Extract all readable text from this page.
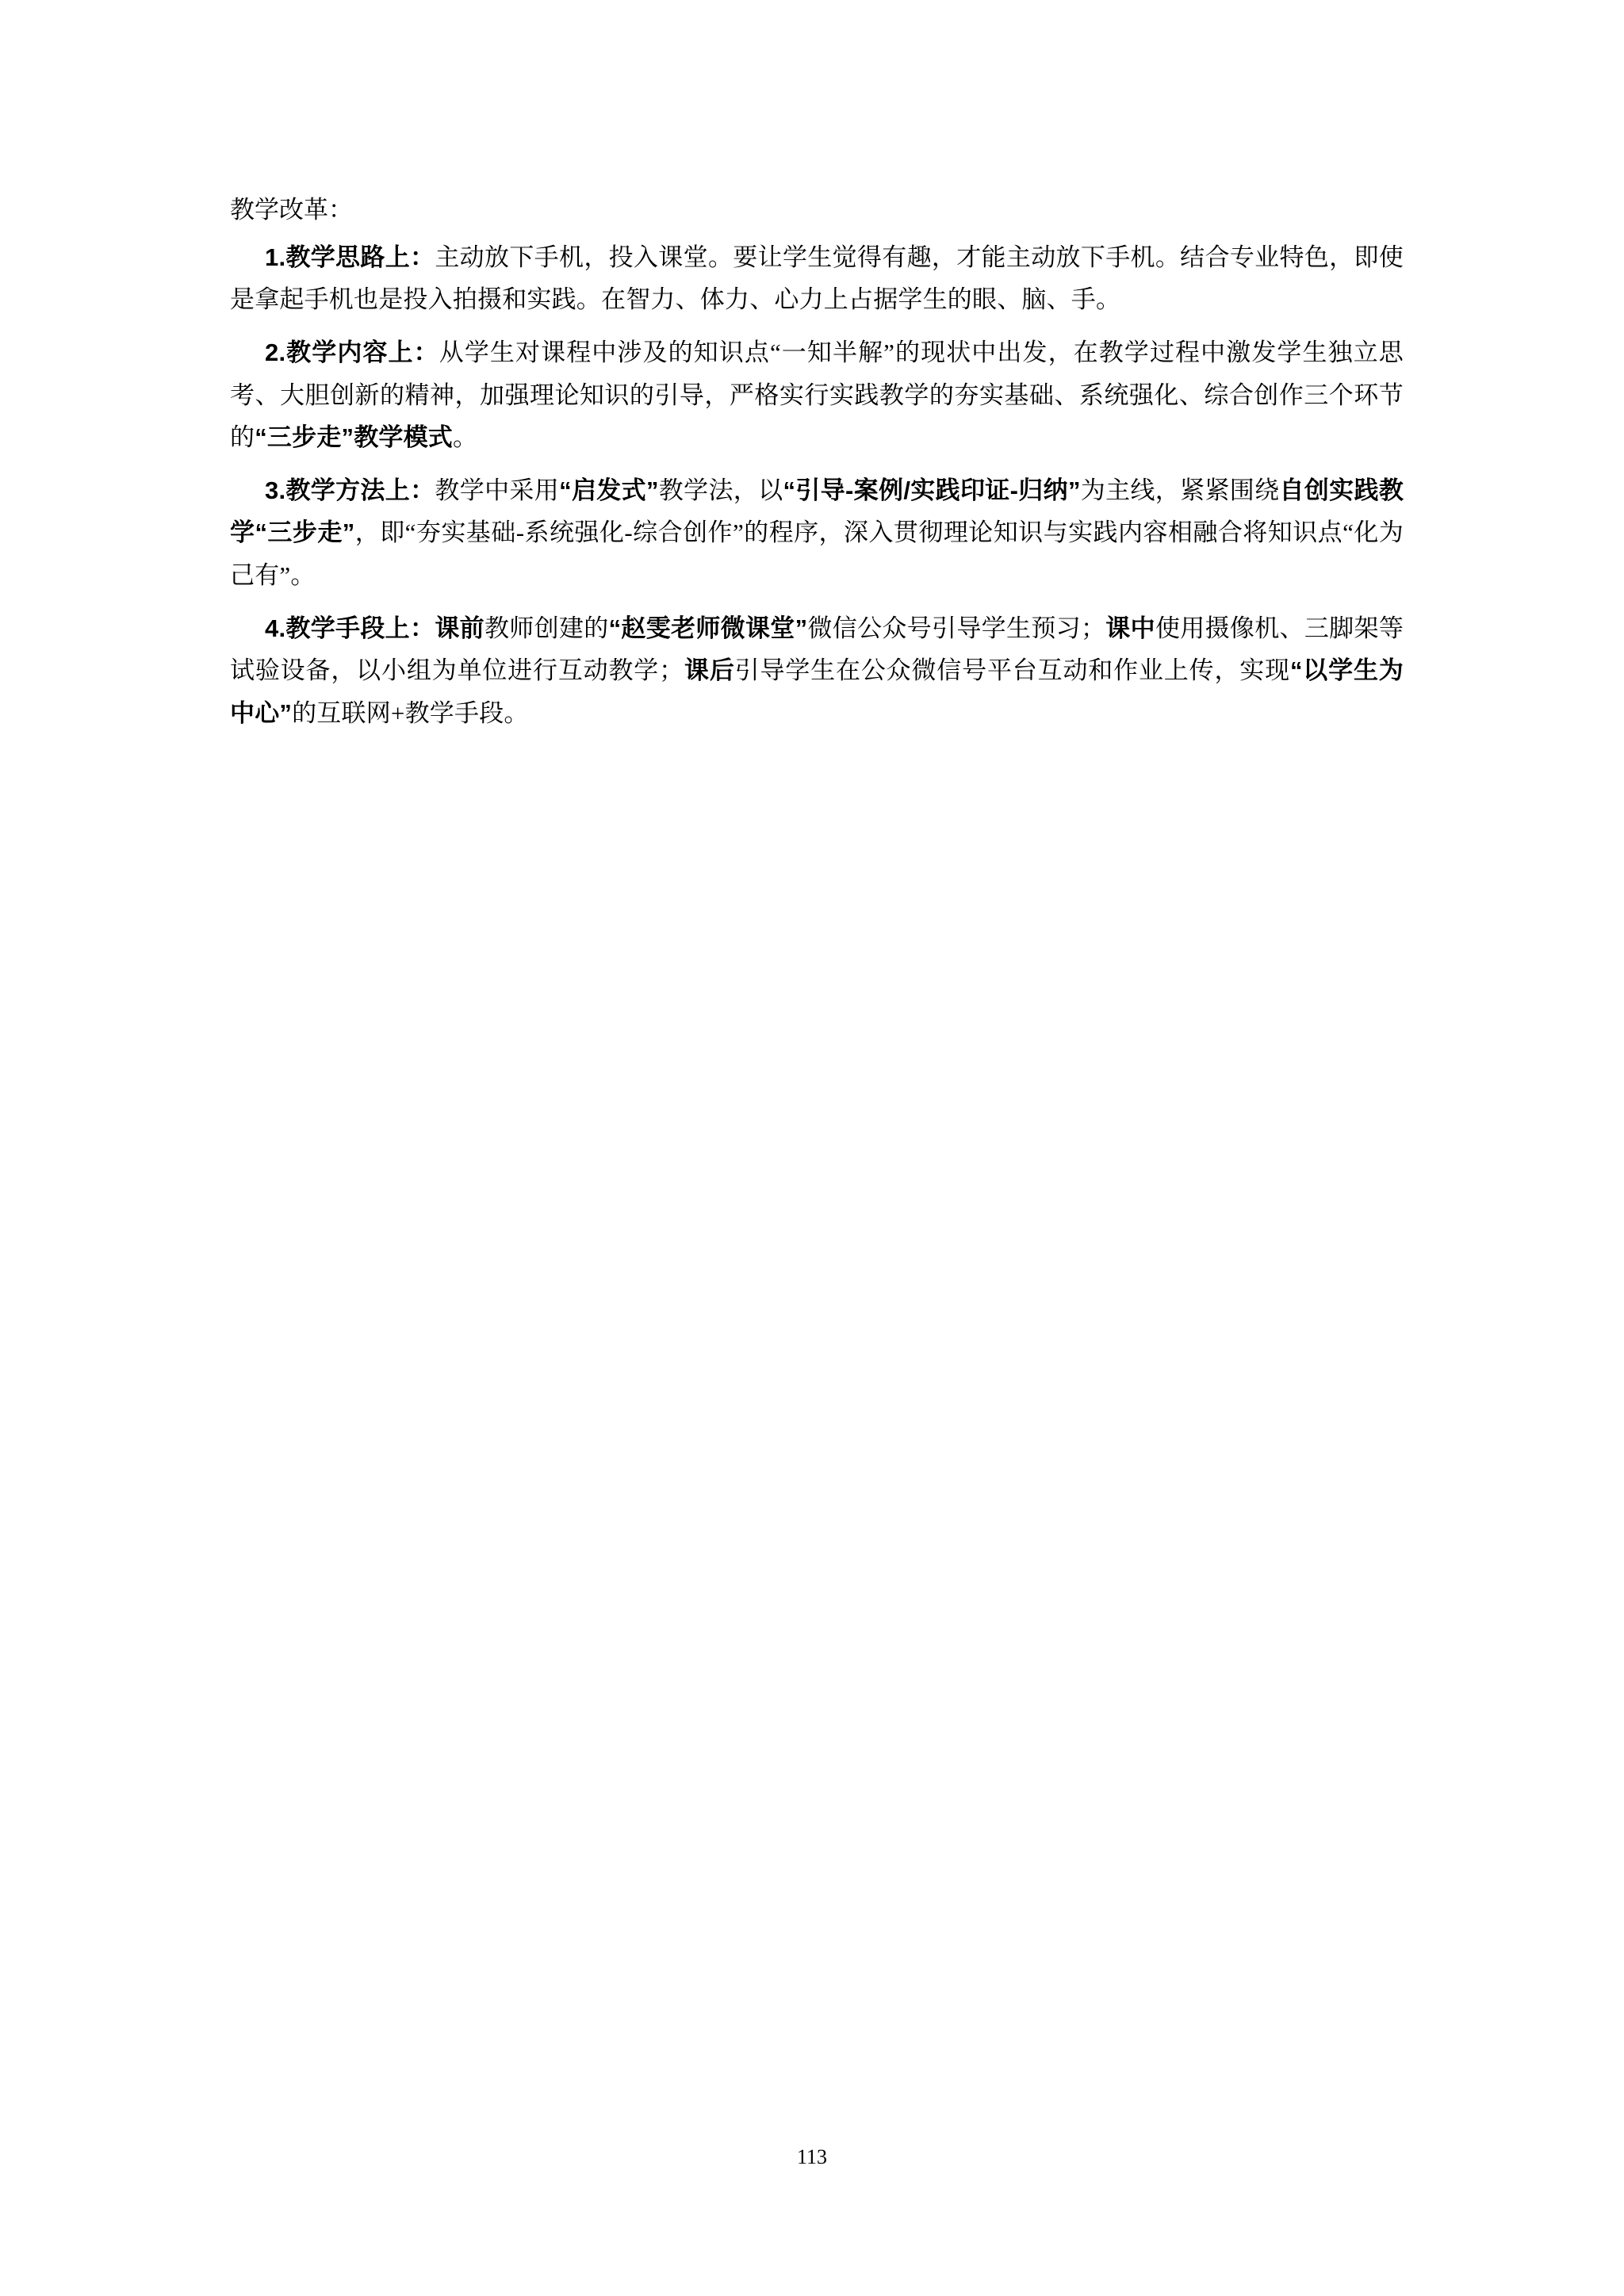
教学改革：

1.教学思路上：主动放下手机，投入课堂。要让学生觉得有趣，才能主动放下手机。结合专业特色，即使是拿起手机也是投入拍摄和实践。在智力、体力、心力上占据学生的眼、脑、手。

2.教学内容上：从学生对课程中涉及的知识点“一知半解”的现状中出发，在教学过程中激发学生独立思考、大胆创新的精神，加强理论知识的引导，严格实行实践教学的夯实基础、系统强化、综合创作三个环节的“三步走”教学模式。

3.教学方法上：教学中采用“启发式”教学法，以“引导-案例/实践印证-归纳”为主线，紧紧围绕自创实践教学“三步走”，即“夯实基础-系统强化-综合创作”的程序，深入贯彻理论知识与实践内容相融合将知识点“化为己有”。

4.教学手段上：课前教师创建的“赵雯老师微课堂”微信公众号引导学生预习；课中使用摄像机、三脚架等试验设备，以小组为单位进行互动教学；课后引导学生在公众微信号平台互动和作业上传，实现“以学生为中心”的互联网+教学手段。

113
